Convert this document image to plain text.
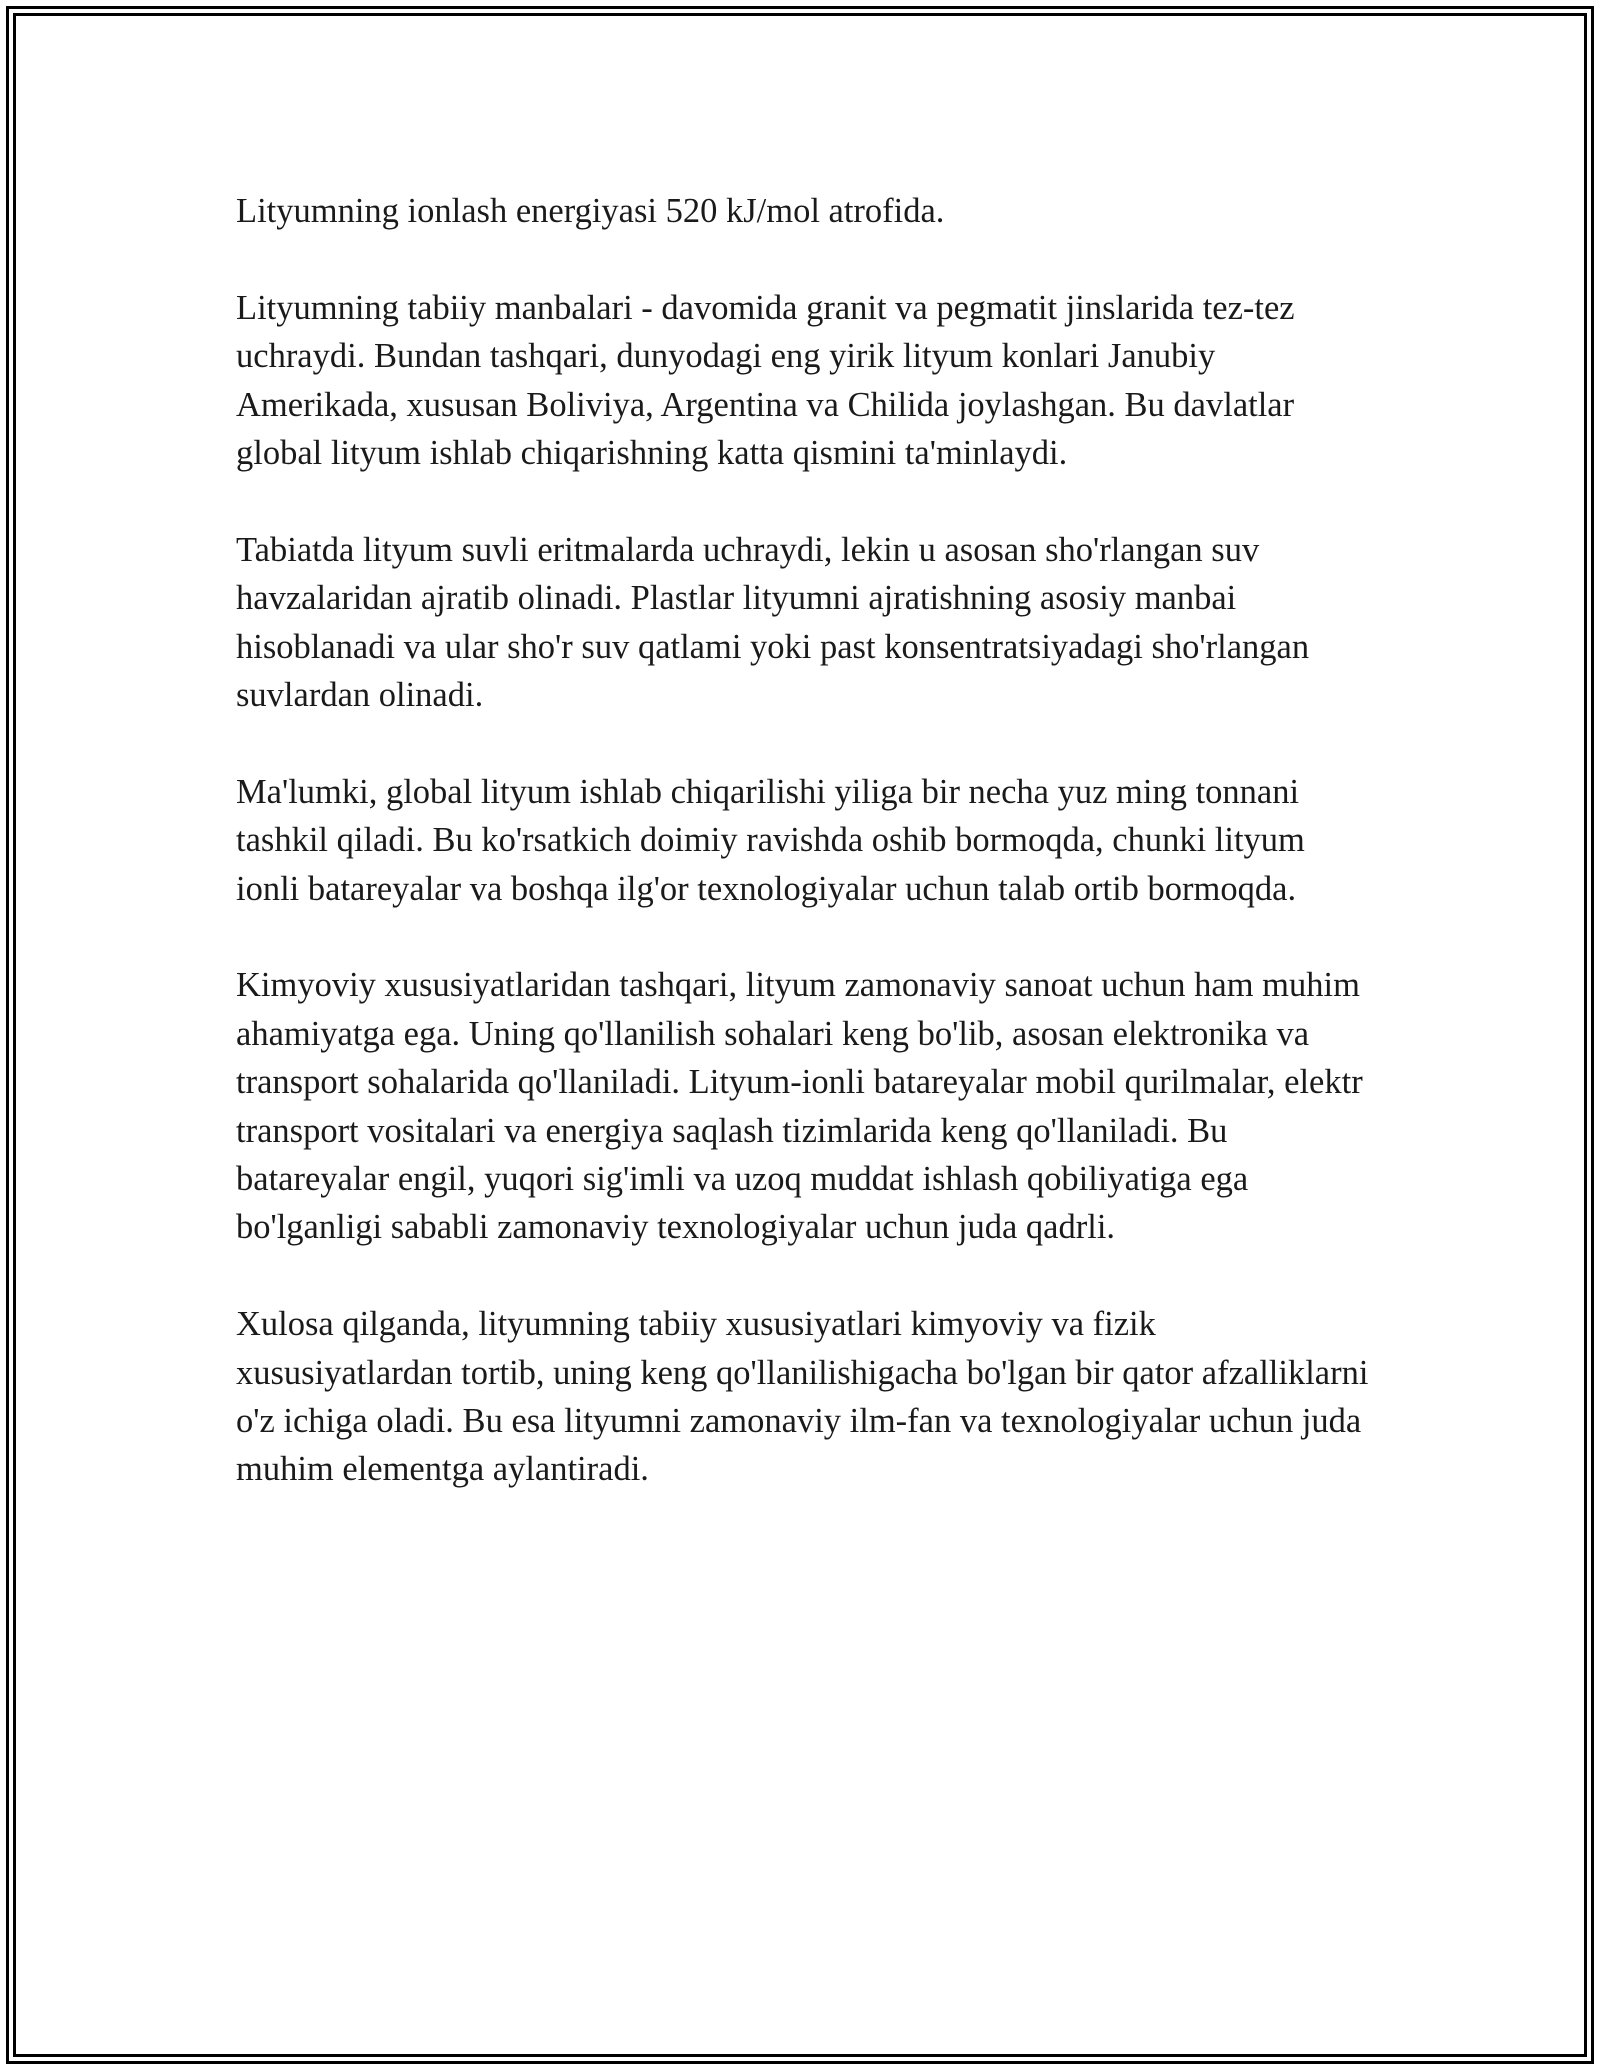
Lityumning ionlash energiyasi 520 kJ/mol atrofida.

Lityumning tabiiy manbalari - davomida granit va pegmatit jinslarida tez-tez uchraydi. Bundan tashqari, dunyodagi eng yirik lityum konlari Janubiy Amerikada, xususan Boliviya, Argentina va Chilida joylashgan. Bu davlatlar global lityum ishlab chiqarishning katta qismini ta'minlaydi.

Tabiatda lityum suvli eritmalarda uchraydi, lekin u asosan sho'rlangan suv havzalaridan ajratib olinadi. Plastlar lityumni ajratishning asosiy manbai hisoblanadi va ular sho'r suv qatlami yoki past konsentratsiyadagi sho'rlangan suvlardan olinadi.

Ma'lumki, global lityum ishlab chiqarilishi yiliga bir necha yuz ming tonnani tashkil qiladi. Bu ko'rsatkich doimiy ravishda oshib bormoqda, chunki lityum ionli batareyalar va boshqa ilg'or texnologiyalar uchun talab ortib bormoqda.

Kimyoviy xususiyatlaridan tashqari, lityum zamonaviy sanoat uchun ham muhim ahamiyatga ega. Uning qo'llanilish sohalari keng bo'lib, asosan elektronika va transport sohalarida qo'llaniladi. Lityum-ionli batareyalar mobil qurilmalar, elektr transport vositalari va energiya saqlash tizimlarida keng qo'llaniladi. Bu batareyalar engil, yuqori sig'imli va uzoq muddat ishlash qobiliyatiga ega bo'lganligi sababli zamonaviy texnologiyalar uchun juda qadrli.

Xulosa qilganda, lityumning tabiiy xususiyatlari kimyoviy va fizik xususiyatlardan tortib, uning keng qo'llanilishigacha bo'lgan bir qator afzalliklarni o'z ichiga oladi. Bu esa lityumni zamonaviy ilm-fan va texnologiyalar uchun juda muhim elementga aylantiradi.
